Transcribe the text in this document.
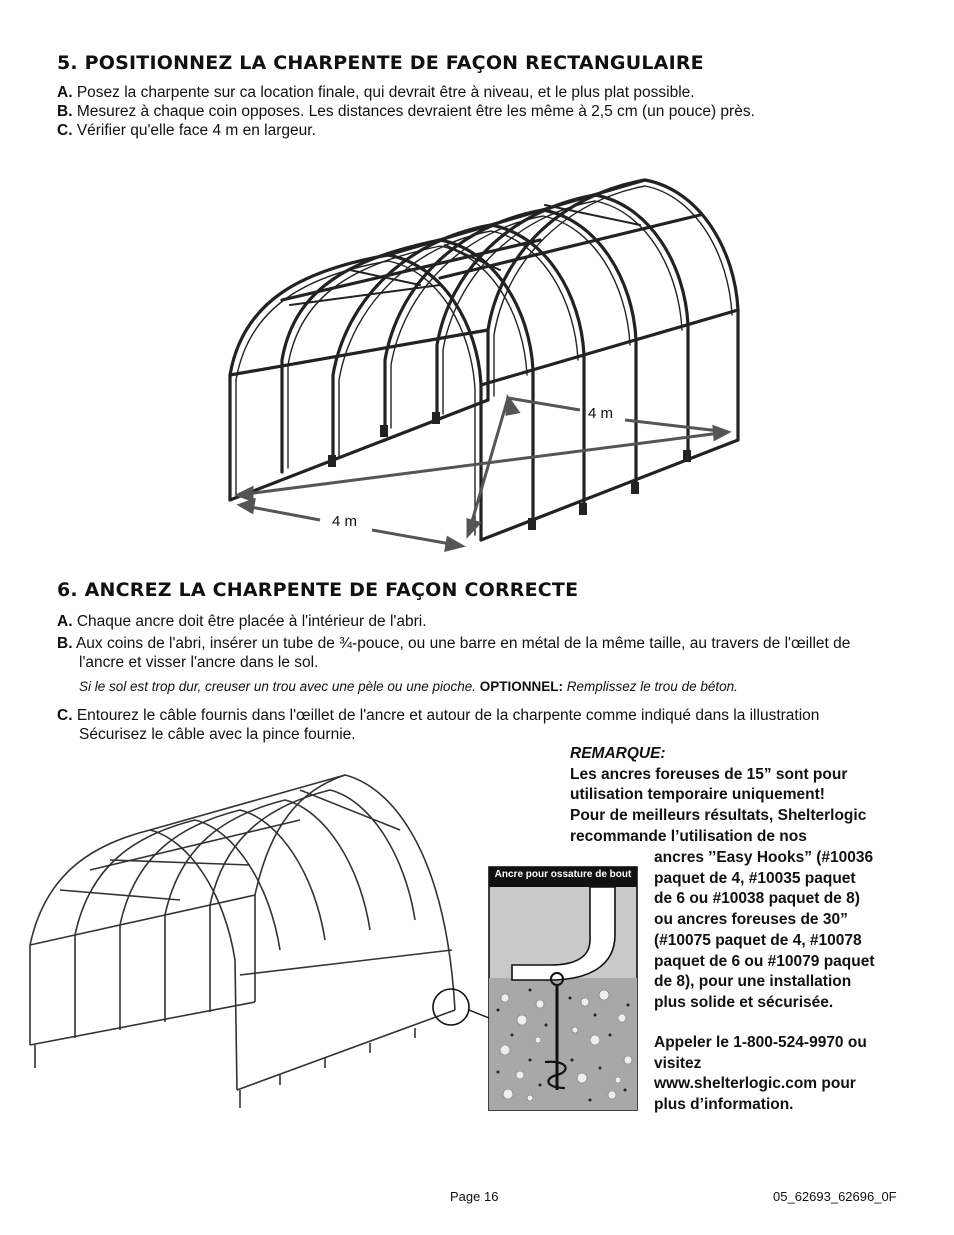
5. POSITIONNEZ LA CHARPENTE DE FAÇON RECTANGULAIRE

A. Posez la charpente sur ca location finale, qui devrait être à niveau, et le plus plat possible.

B. Mesurez à chaque coin opposes. Les distances devraient être les même à 2,5 cm (un pouce) près.

C. Vérifier qu'elle face 4 m en largeur.

4 m
4 m
6. ANCREZ LA CHARPENTE DE FAÇON CORRECTE

A. Chaque ancre doit être placée à l'intérieur de l'abri.

B. Aux coins de l'abri, insérer un tube de ¾-pouce, ou une barre en métal de la même taille, au travers de l'œillet de l'ancre et visser l'ancre dans le sol.

Si le sol est trop dur, creuser un trou avec une pèle ou une pioche. OPTIONNEL: Remplissez le trou de béton.

C. Entourez le câble fournis dans l'œillet de l'ancre et autour de la charpente comme indiqué dans la illustration Sécurisez le câble avec la pince fournie.

Ancre pour ossature de bout
REMARQUE:
Les ancres foreuses de 15” sont pour
utilisation temporaire uniquement!
Pour de meilleurs résultats, Shelterlogic
recommande l’utilisation de nos
ancres ’’Easy Hooks” (#10036
paquet de 4, #10035 paquet
de 6 ou #10038 paquet de 8)
ou ancres foreuses de 30”
(#10075 paquet de 4, #10078
paquet de 6 ou #10079 paquet
de 8), pour une installation
plus solide et sécurisée.
Appeler le 1-800-524-9970 ou
visitez
www.shelterlogic.com pour
plus d’information.
Page 16	05_62693_62696_0F
